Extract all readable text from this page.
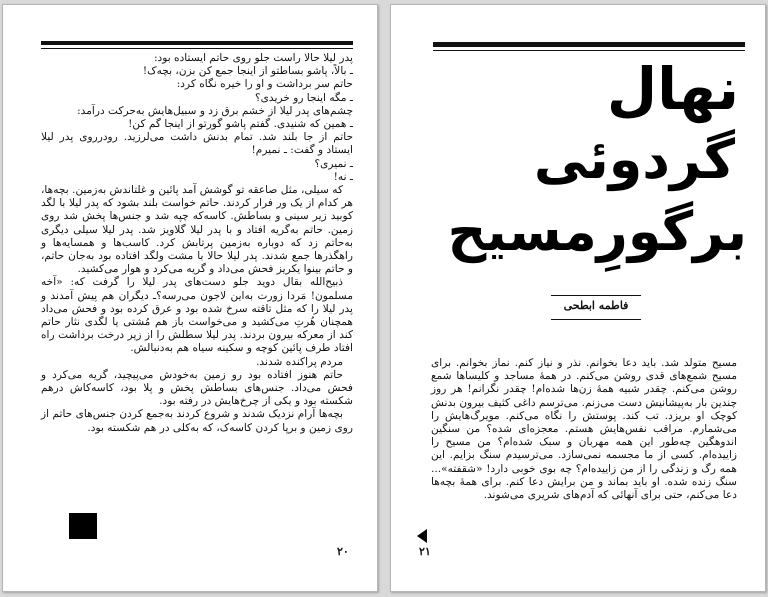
پدر لیلا حالا راست جلو روی حاتم ایستاده بود:

ـ بالاً، پاشو بساطتو از اینجا جمع کن بزن، بچه‌ک!

حاتم سر برداشت و او را خیره نگاه کرد:

ـ مگه اینجا رو خریدی؟

چشم‌های پدر لیلا از خشم برق زد و سبیل‌هایش به‌حرکت درآمد:

ـ همین که شنیدی. گفتم پاشو گورتو از اینجا گم کن!

حاتم از جا بلند شد. تمام بدنش داشت می‌لرزید. رودرروی پدر لیلا ایستاد و گفت: ـ نمیرم!

ـ نمیری؟

ـ نه!

که سیلی، مثل صاعقه تو گوشش آمد پائین و غلتاندش به‌زمین. بچه‌ها، هر کدام از یک ور فرار کردند. حاتم خواست بلند بشود که پدر لیلا با لگد کوبید زیر سینی و بساطش. کاسه‌که چپه شد و جنس‌ها پخش شد روی زمین. حاتم به‌گریه افتاد و با پدر لیلا گلاویز شد. پدر لیلا سیلی دیگری به‌حاتم زد که دوباره به‌زمین پرتابش کرد. کاسب‌ها و همسایه‌ها و راهگذرها جمع شدند. پدر لیلا حالا با مشت ولگد افتاده بود به‌جان حاتم، و حاتم بینوا یکریز فحش می‌داد و گریه می‌کرد و هوار می‌کشید.

ذبیح‌الله بقال دوید جلو دست‌های پدر لیلا را گرفت که: «آخه مسلمون! مَردا زورت به‌این لاجون می‌رسه؟ـ دیگران هم پیش آمدند و پدر لیلا را که مثل تاقته سرخ شده بود و عرق کرده بود و فحش می‌داد همچنان هُرتِ می‌کشید و می‌خواست باز هم مُشتی یا لگدی نثار حاتم کند از معرکه بیرون بردند. پدر لیلا سطلش را از زیر درخت برداشت راه افتاد طرف پائین کوچه و سکینه سیاه هم به‌دنبالش.

مردم پراکنده شدند.

حاتم هنوز افتاده بود رو زمین به‌خودش می‌پیچید، گریه می‌کرد و فحش می‌داد. جنس‌های بساطش پخش و پلا بود، کاسه‌کاش درهم شکسته بود و یکی از چرخ‌هایش در رفته بود.

بچه‌ها آرام نزدیک شدند و شروع کردند به‌جمع کردن جنس‌های حاتم از روی زمین و برپا کردن کاسه‌ک، که به‌کلی در هم شکسته بود.

۲۰
نهال
گردوئی
برگورِمسیح
فاطمه ابطحی

مسیح متولد شد. باید دعا بخوانم. نذر و نیاز کنم. نماز بخوانم. برای مسیح شمع‌های قدی روشن می‌کنم. در همهٔ مساجد و کلیساها شمع روشن می‌کنم. چقدر شبیه همهٔ زن‌ها شده‌ام! چقدر نگرانم! هر روز چندین بار به‌پیشانیش دست می‌زنم. می‌ترسم داغی کثیف بیرون بدنش کوچک او بریزد. تب کند. پوستش را نگاه می‌کنم. مویرگ‌هایش را می‌شمارم. مراقب نفس‌هایش هستم. معجزه‌ای شده؟ من سنگین اندوهگین چه‌طور این همه مهربان و سبک شده‌ام؟ من مسیح را زاییده‌ام. کسی از ما مجسمه نمی‌سازد. می‌ترسیدم سنگ بزایم. این همه رگ و زندگی را از من زاییده‌ام؟ چه بوی خوبی دارد! «شقفته»... سنگ زنده شده. او باید بماند و من برایش دعا کنم. برای همهٔ بچه‌ها دعا می‌کنم، حتی برای آنهائی که آدم‌های شریری می‌شوند.

۲۱
